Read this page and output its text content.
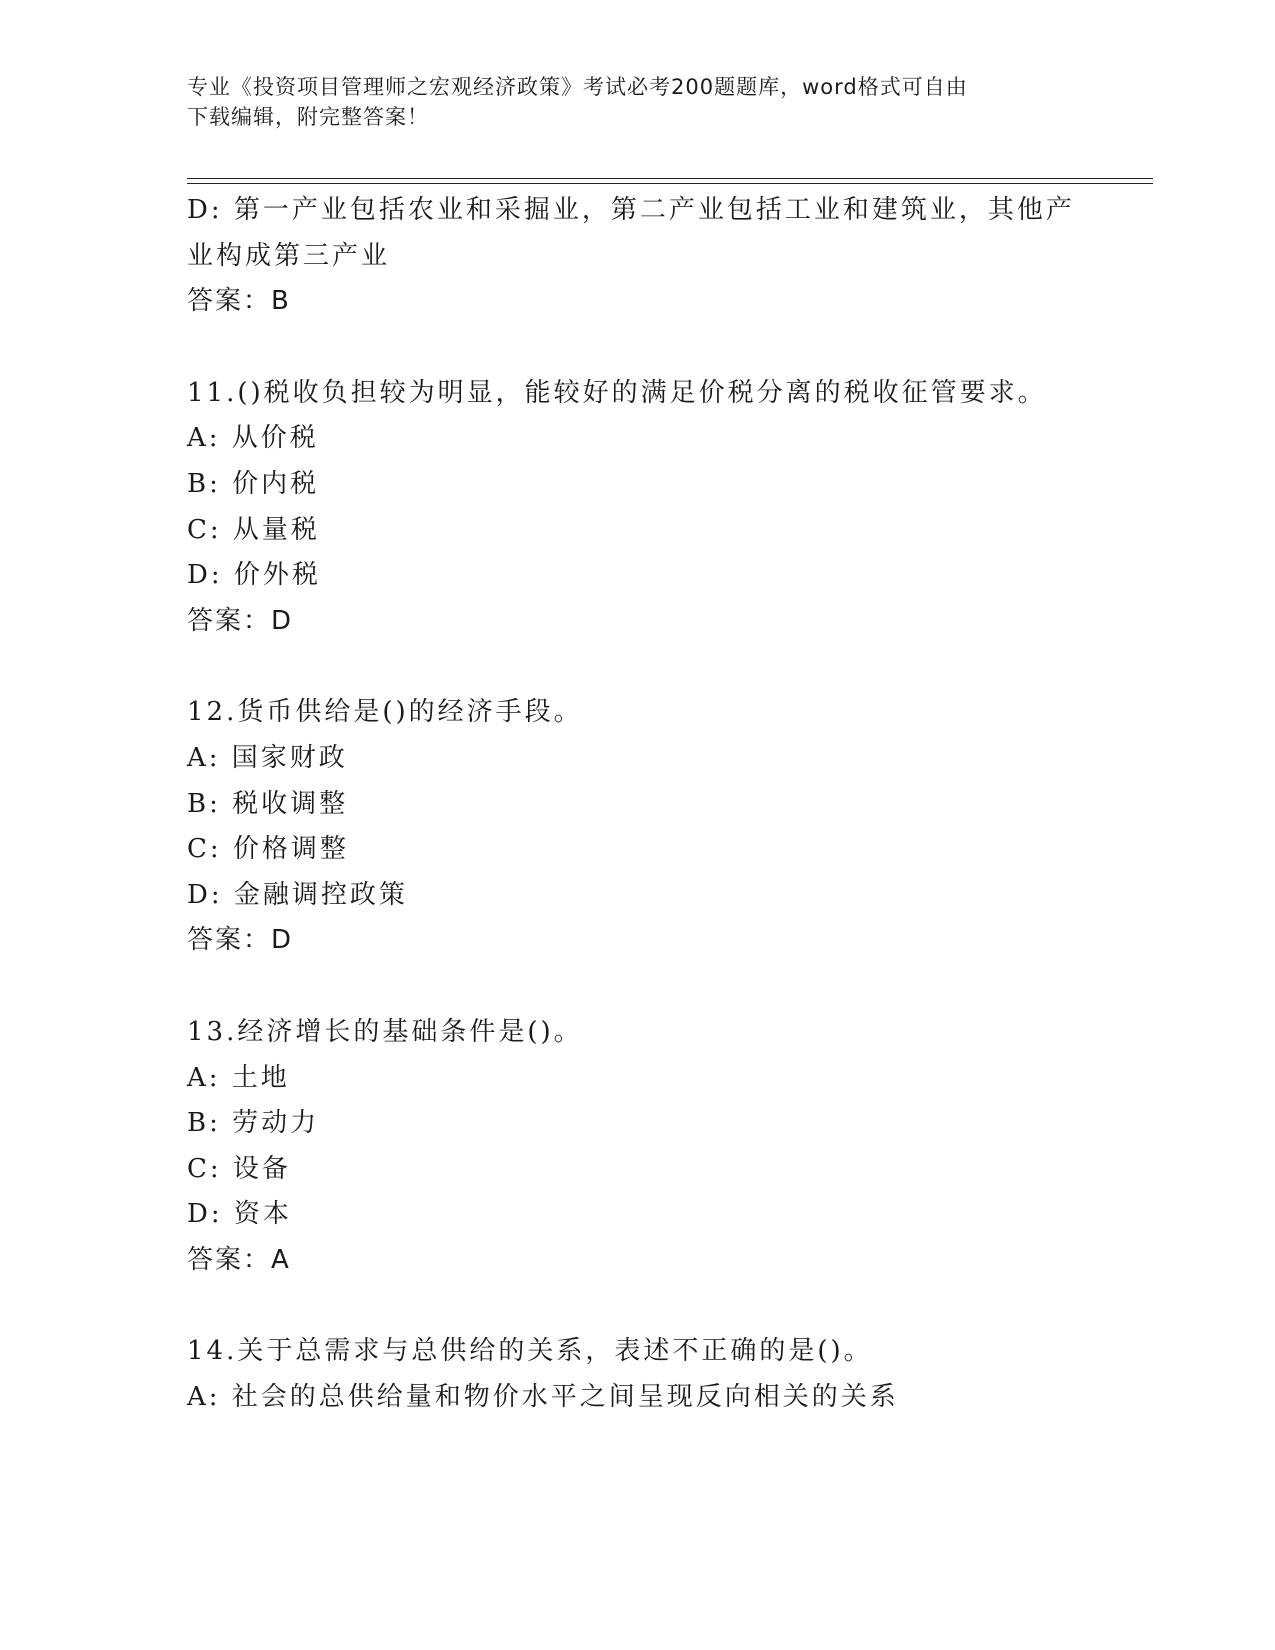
专业《投资项目管理师之宏观经济政策》考试必考200题题库，word格式可自由
下载编辑，附完整答案！
D: 第一产业包括农业和采掘业，第二产业包括工业和建筑业，其他产
业构成第三产业
答案：B
11.()税收负担较为明显，能较好的满足价税分离的税收征管要求。
A: 从价税
B: 价内税
C: 从量税
D: 价外税
答案：D
12.货币供给是()的经济手段。
A: 国家财政
B: 税收调整
C: 价格调整
D: 金融调控政策
答案：D
13.经济增长的基础条件是()。
A: 土地
B: 劳动力
C: 设备
D: 资本
答案：A
14.关于总需求与总供给的关系，表述不正确的是()。
A: 社会的总供给量和物价水平之间呈现反向相关的关系
